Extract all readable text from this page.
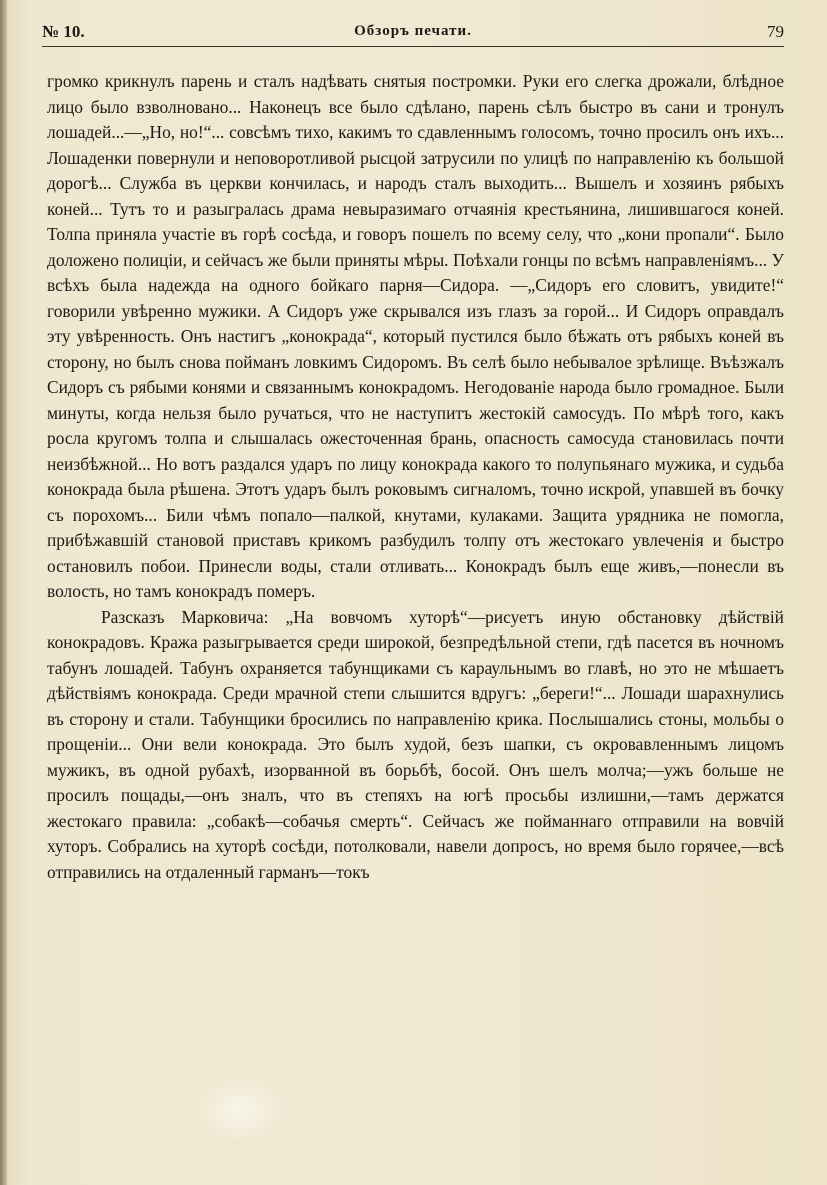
№ 10.	Обзоръ печати.	79

громко крикнулъ парень и сталъ надѣвать снятыя постромки. Руки его слегка дрожали, блѣдное лицо было взволновано... Наконецъ все было сдѣлано, парень сѣлъ быстро въ сани и тронулъ лошадей...—„Но, но!“... совсѣмъ тихо, какимъ то сдавленнымъ голосомъ, точно просилъ онъ ихъ... Лошаденки повернули и неповоротливой рысцой затрусили по улицѣ по направленію къ большой дорогѣ... Служба въ церкви кончилась, и народъ сталъ выходить... Вышелъ и хозяинъ рябыхъ коней... Тутъ то и разыгралась драма невыразимаго отчаянія крестьянина, лишившагося коней. Толпа приняла участіе въ горѣ сосѣда, и говоръ пошелъ по всему селу, что „кони пропали“. Было доложено полиціи, и сейчасъ же были приняты мѣры. Поѣхали гонцы по всѣмъ направленіямъ... У всѣхъ была надежда на одного бойкаго парня—Сидора. —„Сидоръ его словитъ, увидите!“ говорили увѣренно мужики. А Сидоръ уже скрывался изъ глазъ за горой... И Сидоръ оправдалъ эту увѣренность. Онъ настигъ „конокрада“, который пустился было бѣжать отъ рябыхъ коней въ сторону, но былъ снова пойманъ ловкимъ Сидоромъ. Въ селѣ было небывалое зрѣлище. Въѣзжалъ Сидоръ съ рябыми конями и связаннымъ конокрадомъ. Негодованіе народа было громадное. Были минуты, когда нельзя было ручаться, что не наступитъ жестокій самосудъ. По мѣрѣ того, какъ росла кругомъ толпа и слышалась ожесточенная брань, опасность самосуда становилась почти неизбѣжной... Но вотъ раздался ударъ по лицу конокрада какого то полупьянаго мужика, и судьба конокрада была рѣшена. Этотъ ударъ былъ роковымъ сигналомъ, точно искрой, упавшей въ бочку съ порохомъ... Били чѣмъ попало—палкой, кнутами, кулаками. Защита урядника не помогла, прибѣжавшій становой приставъ крикомъ разбудилъ толпу отъ жестокаго увлеченія и быстро остановилъ побои. Принесли воды, стали отливать... Конокрадъ былъ еще живъ,—понесли въ волость, но тамъ конокрадъ померъ.

Разсказъ Марковича: „На вовчомъ хуторѣ“—рисуетъ иную обстановку дѣйствій конокрадовъ. Кража разыгрывается среди широкой, безпредѣльной степи, гдѣ пасется въ ночномъ табунъ лошадей. Табунъ охраняется табунщиками съ караульнымъ во главѣ, но это не мѣшаетъ дѣйствіямъ конокрада. Среди мрачной степи слышится вдругъ: „береги!“... Лошади шарахнулись въ сторону и стали. Табунщики бросились по направленію крика. Послышались стоны, мольбы о прощеніи... Они вели конокрада. Это былъ худой, безъ шапки, съ окровавленнымъ лицомъ мужикъ, въ одной рубахѣ, изорванной въ борьбѣ, босой. Онъ шелъ молча;—ужъ больше не просилъ пощады,—онъ зналъ, что въ степяхъ на югѣ просьбы излишни,—тамъ держатся жестокаго правила: „собакѣ—собачья смерть“. Сейчасъ же пойманнаго отправили на вовчій хуторъ. Собрались на хуторѣ сосѣди, потолковали, навели допросъ, но время было горячее,—всѣ отправились на отдаленный гарманъ—токъ
